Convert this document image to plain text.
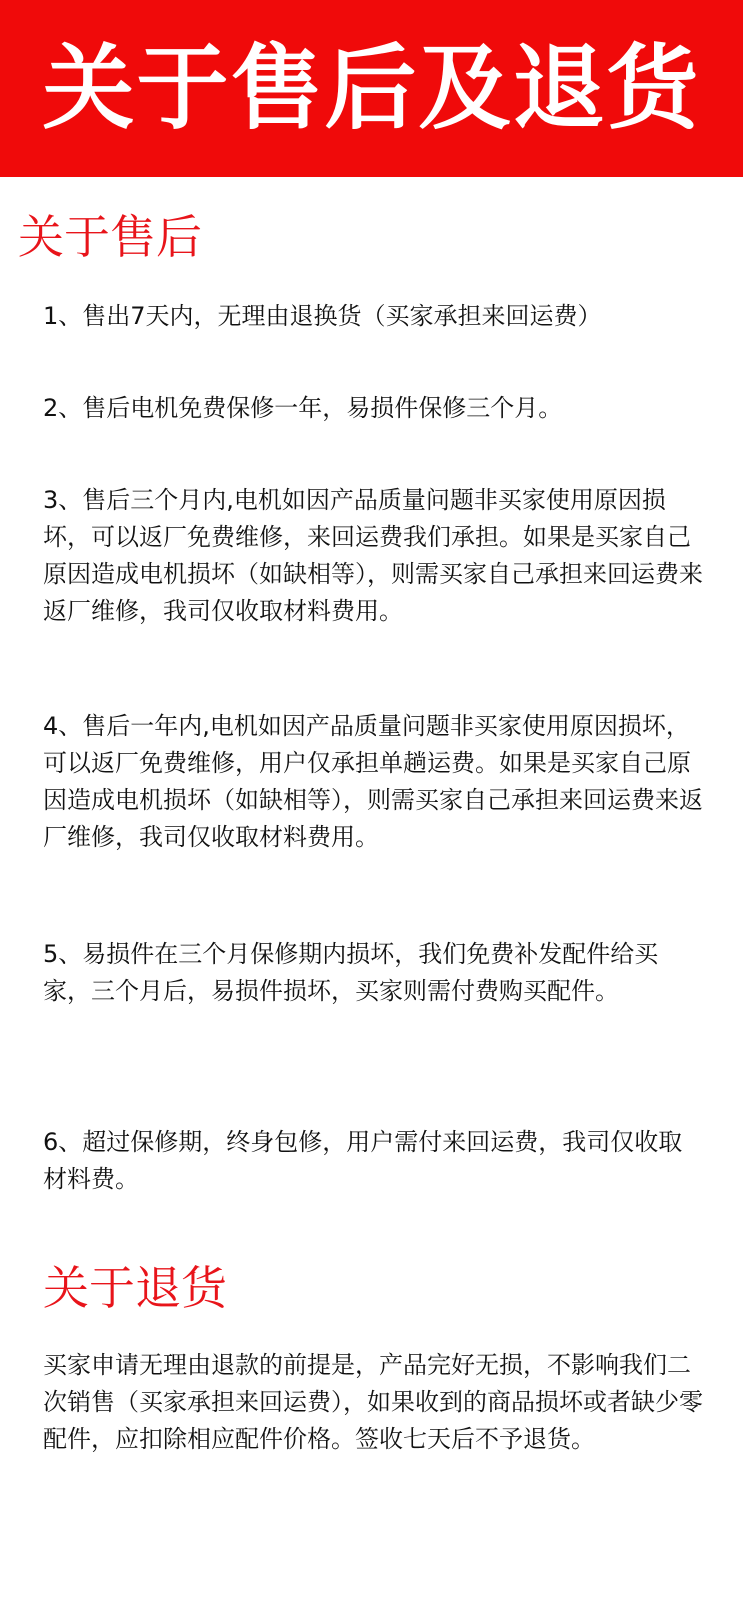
关于售后及退货
关于售后

1、售出7天内，无理由退换货（买家承担来回运费）

2、售后电机免费保修一年，易损件保修三个月。

3、售后三个月内,电机如因产品质量问题非买家使用原因损坏，可以返厂免费维修，来回运费我们承担。如果是买家自己原因造成电机损坏（如缺相等），则需买家自己承担来回运费来返厂维修，我司仅收取材料费用。

4、售后一年内,电机如因产品质量问题非买家使用原因损坏，可以返厂免费维修，用户仅承担单趟运费。如果是买家自己原因造成电机损坏（如缺相等），则需买家自己承担来回运费来返厂维修，我司仅收取材料费用。

5、易损件在三个月保修期内损坏，我们免费补发配件给买家，三个月后，易损件损坏，买家则需付费购买配件。

6、超过保修期，终身包修，用户需付来回运费，我司仅收取材料费。

关于退货

买家申请无理由退款的前提是，产品完好无损，不影响我们二次销售（买家承担来回运费），如果收到的商品损坏或者缺少零配件，应扣除相应配件价格。签收七天后不予退货。
